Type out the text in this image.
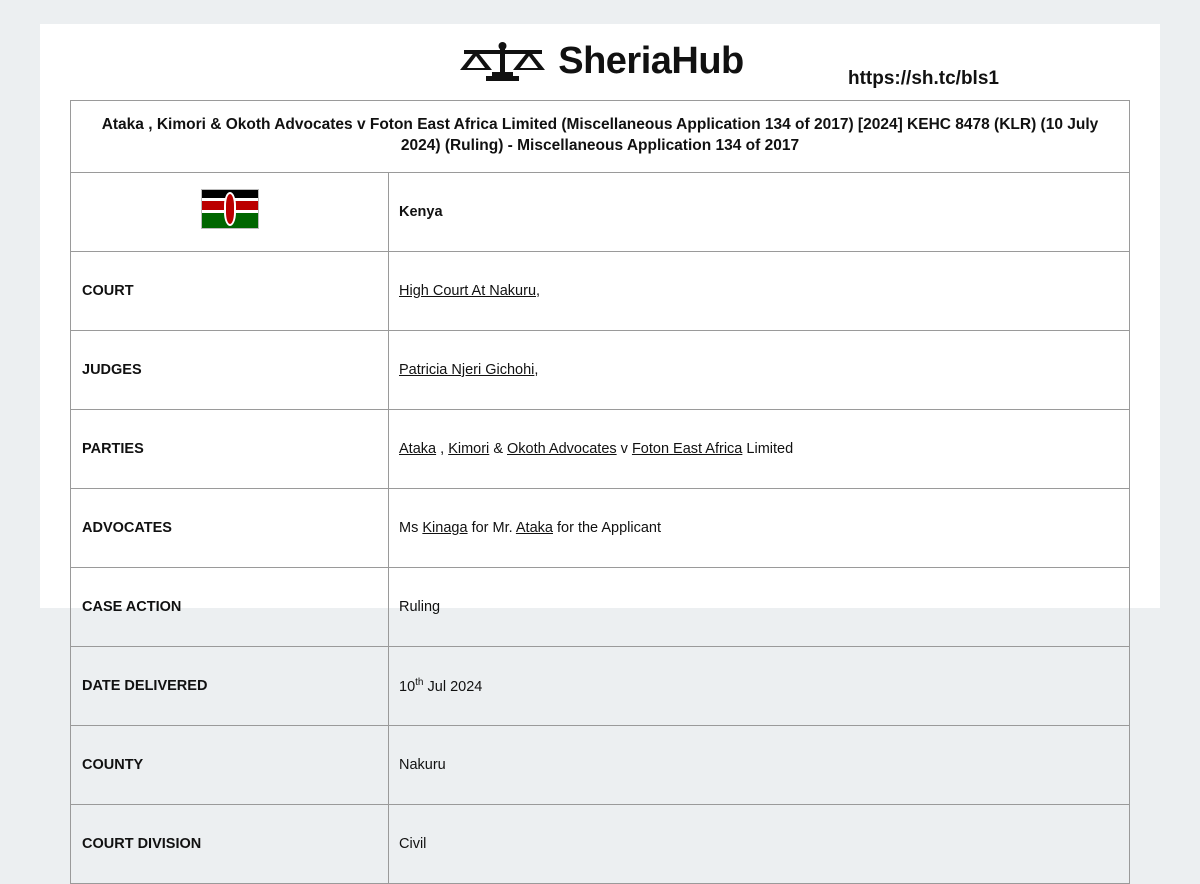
SheriaHub	https://sh.tc/bls1
Ataka , Kimori & Okoth Advocates v Foton East Africa Limited (Miscellaneous Application 134 of 2017) [2024] KEHC 8478 (KLR) (10 July 2024) (Ruling) - Miscellaneous Application 134 of 2017	

	Kenya
COURT	High Court At Nakuru,
JUDGES	Patricia Njeri Gichohi,
PARTIES	Ataka , Kimori & Okoth Advocates v Foton East Africa Limited
ADVOCATES	Ms Kinaga for Mr. Ataka for the Applicant
CASE ACTION	Ruling
DATE DELIVERED	10th Jul 2024
COUNTY	Nakuru
COURT DIVISION	Civil
